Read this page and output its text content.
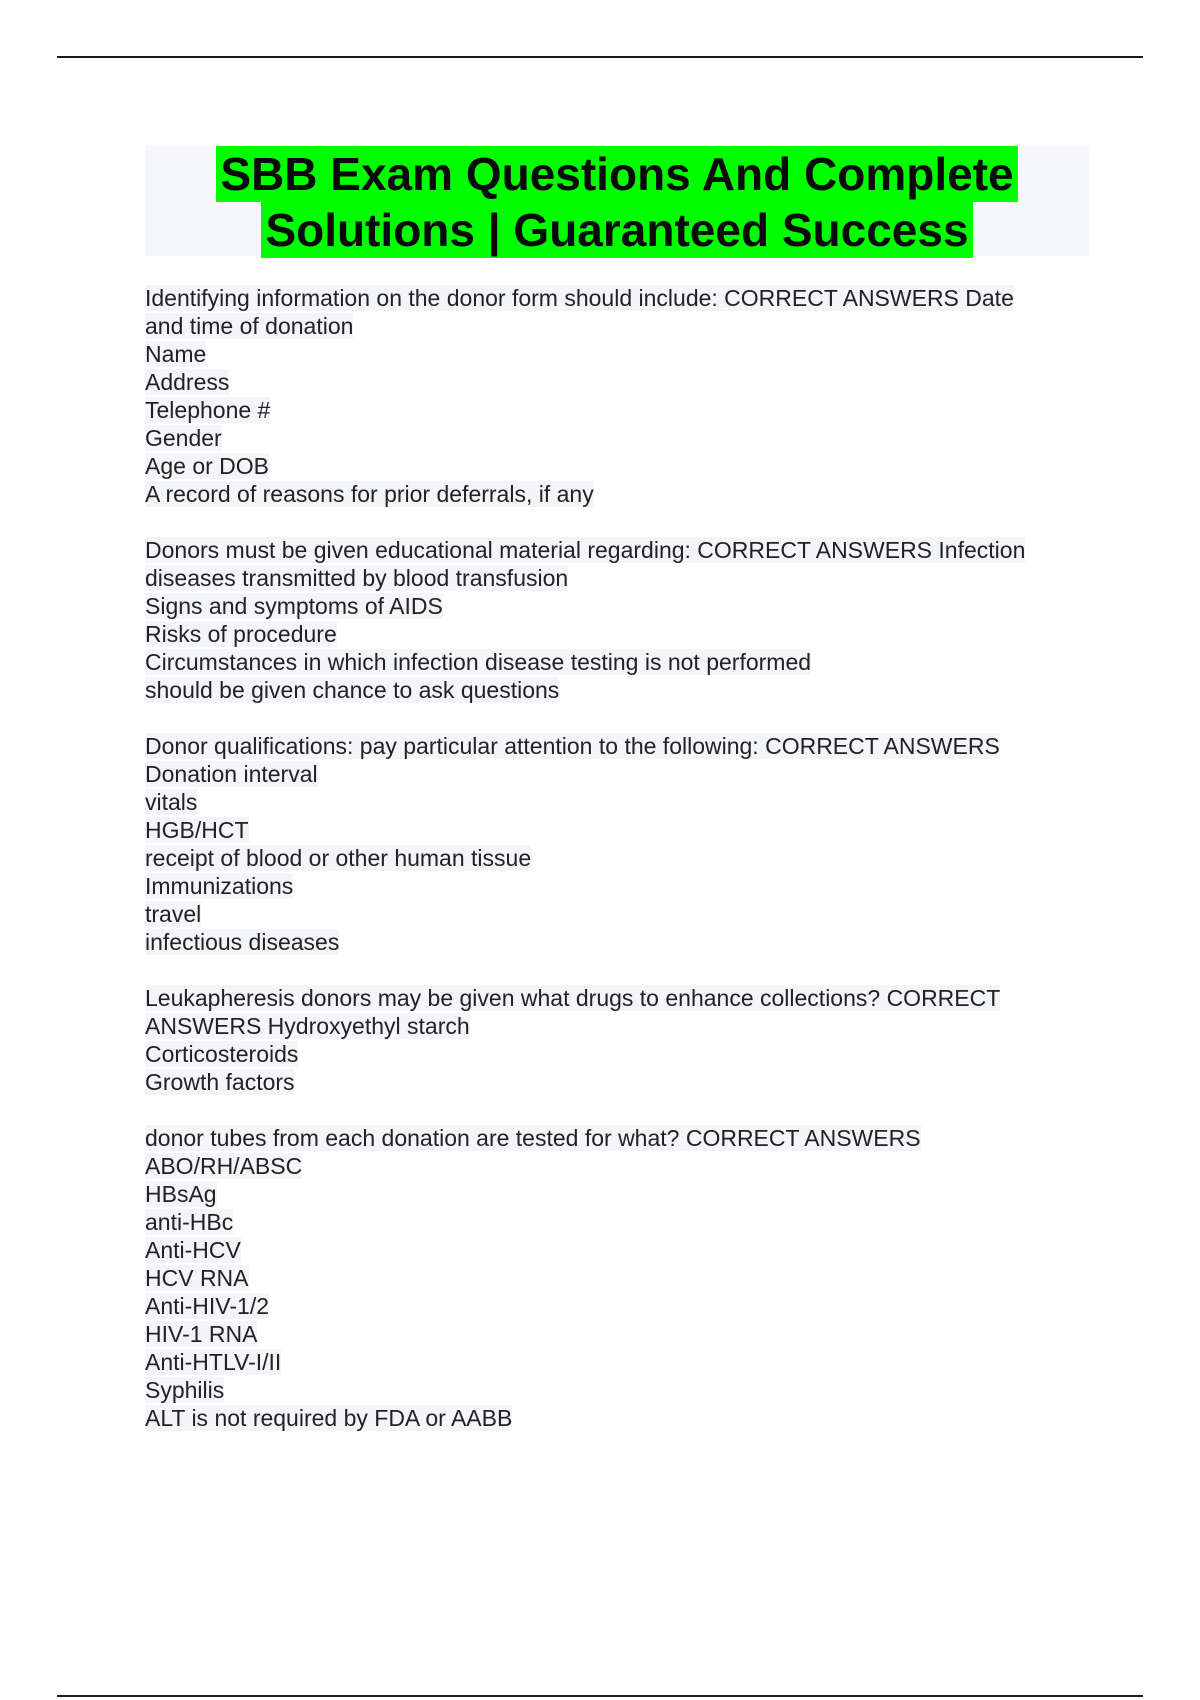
SBB Exam Questions And Complete
Solutions | Guaranteed Success
Identifying information on the donor form should include: CORRECT ANSWERS Date
and time of donation
Name
Address
Telephone #
Gender
Age or DOB
A record of reasons for prior deferrals, if any
Donors must be given educational material regarding: CORRECT ANSWERS Infection
diseases transmitted by blood transfusion
Signs and symptoms of AIDS
Risks of procedure
Circumstances in which infection disease testing is not performed
should be given chance to ask questions
Donor qualifications: pay particular attention to the following: CORRECT ANSWERS
Donation interval
vitals
HGB/HCT
receipt of blood or other human tissue
Immunizations
travel
infectious diseases
Leukapheresis donors may be given what drugs to enhance collections? CORRECT
ANSWERS Hydroxyethyl starch
Corticosteroids
Growth factors
donor tubes from each donation are tested for what? CORRECT ANSWERS
ABO/RH/ABSC
HBsAg
anti-HBc
Anti-HCV
HCV RNA
Anti-HIV-1/2
HIV-1 RNA
Anti-HTLV-I/II
Syphilis
ALT is not required by FDA or AABB
